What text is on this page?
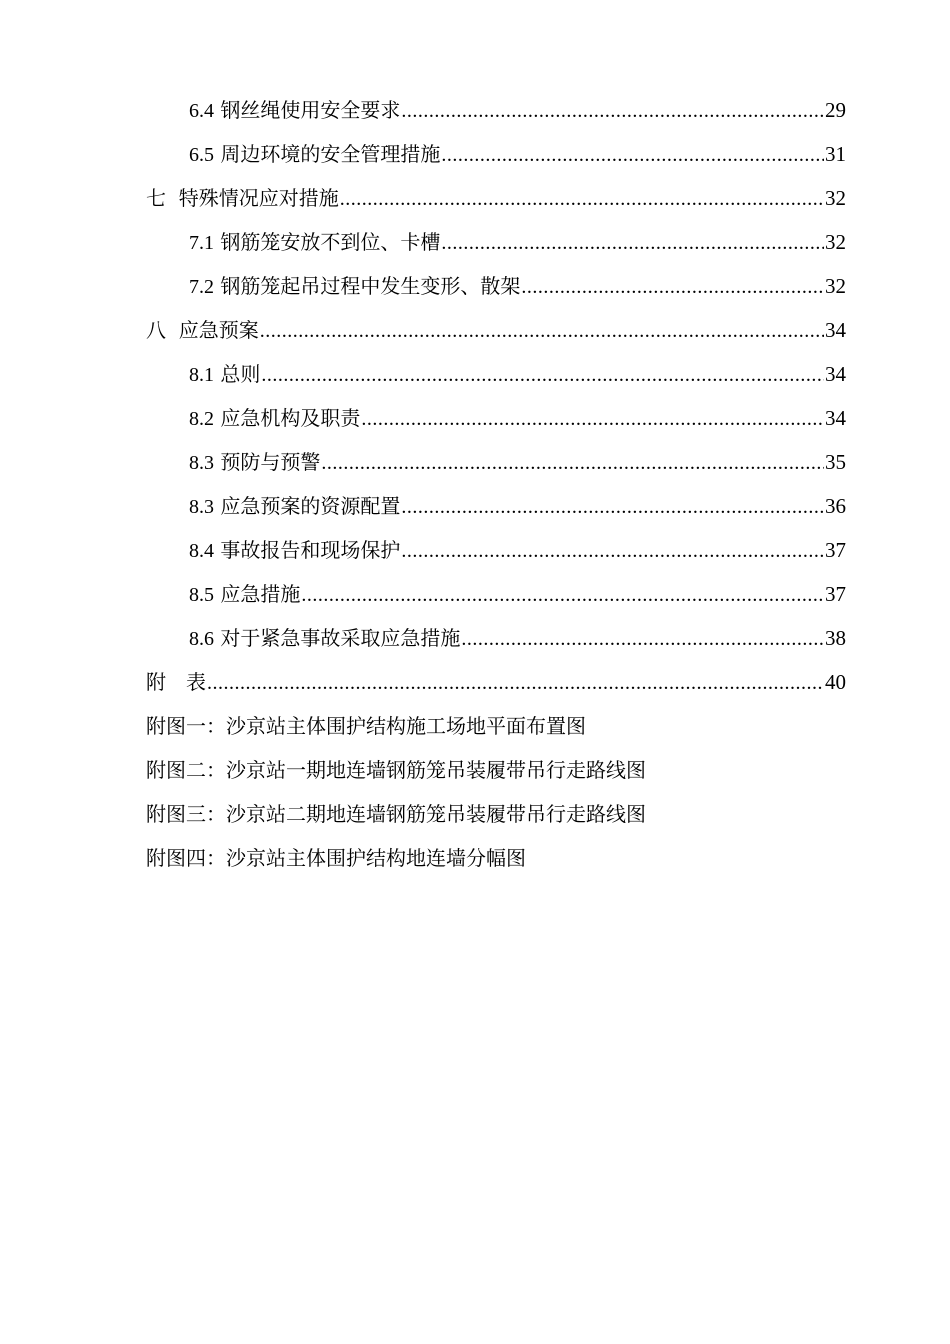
6.4 钢丝绳使用安全要求 .....	29
6.5 周边环境的安全管理措施 .....	31
七 特殊情况应对措施 .....	32
7.1 钢筋笼安放不到位、卡槽 .....	32
7.2 钢筋笼起吊过程中发生变形、散架 .....	32
八 应急预案 .....	34
8.1 总则 .....	34
8.2 应急机构及职责 .....	34
8.3 预防与预警 .....	35
8.3 应急预案的资源配置 .....	36
8.4 事故报告和现场保护 .....	37
8.5 应急措施 .....	37
8.6 对于紧急事故采取应急措施 .....	38
附　表 .....	40
附图一：沙京站主体围护结构施工场地平面布置图
附图二：沙京站一期地连墙钢筋笼吊装履带吊行走路线图
附图三：沙京站二期地连墙钢筋笼吊装履带吊行走路线图
附图四：沙京站主体围护结构地连墙分幅图
